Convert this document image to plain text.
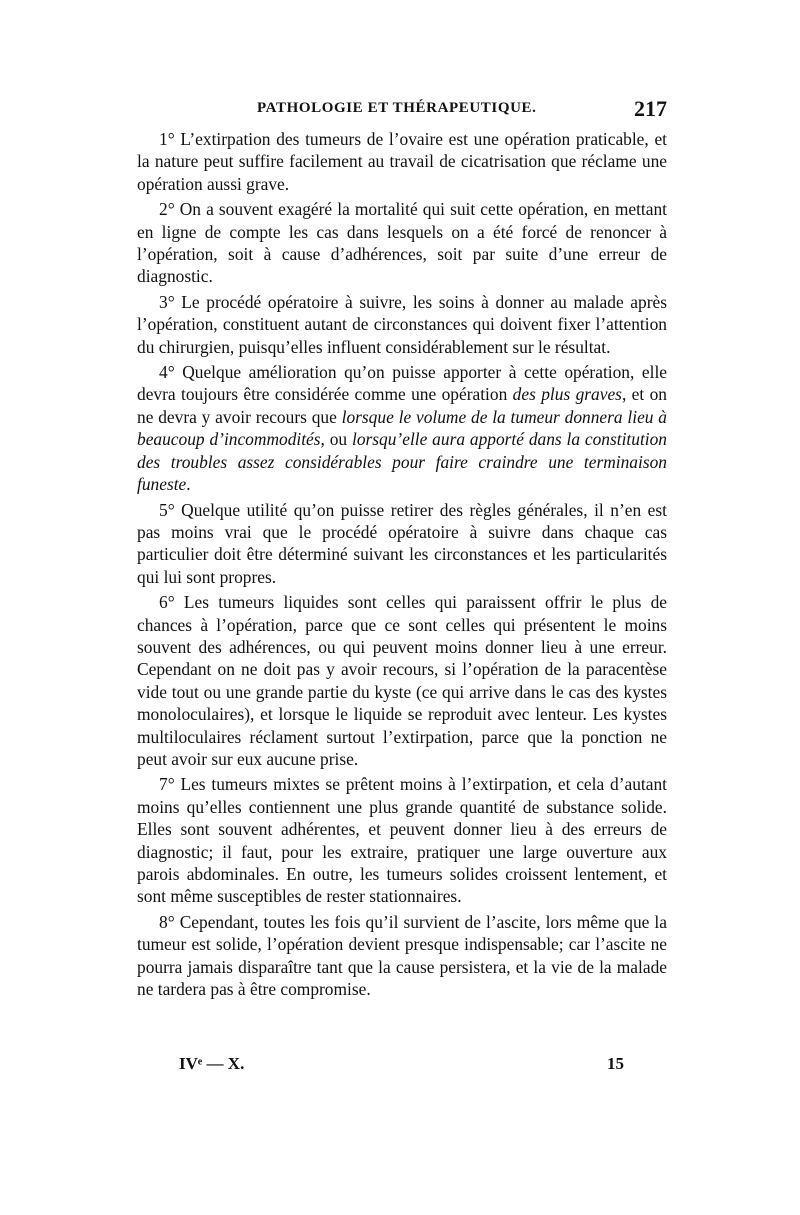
PATHOLOGIE ET THÉRAPEUTIQUE.	217

1° L’extirpation des tumeurs de l’ovaire est une opération praticable, et la nature peut suffire facilement au travail de cicatrisation que réclame une opération aussi grave.

2° On a souvent exagéré la mortalité qui suit cette opération, en mettant en ligne de compte les cas dans lesquels on a été forcé de renoncer à l’opération, soit à cause d’adhérences, soit par suite d’une erreur de diagnostic.

3° Le procédé opératoire à suivre, les soins à donner au malade après l’opération, constituent autant de circonstances qui doivent fixer l’attention du chirurgien, puisqu’elles influent considérablement sur le résultat.

4° Quelque amélioration qu’on puisse apporter à cette opération, elle devra toujours être considérée comme une opération des plus graves, et on ne devra y avoir recours que lorsque le volume de la tumeur donnera lieu à beaucoup d’incommodités, ou lorsqu’elle aura apporté dans la constitution des troubles assez considérables pour faire craindre une terminaison funeste.

5° Quelque utilité qu’on puisse retirer des règles générales, il n’en est pas moins vrai que le procédé opératoire à suivre dans chaque cas particulier doit être déterminé suivant les circonstances et les particularités qui lui sont propres.

6° Les tumeurs liquides sont celles qui paraissent offrir le plus de chances à l’opération, parce que ce sont celles qui présentent le moins souvent des adhérences, ou qui peuvent moins donner lieu à une erreur. Cependant on ne doit pas y avoir recours, si l’opération de la paracentèse vide tout ou une grande partie du kyste (ce qui arrive dans le cas des kystes monoloculaires), et lorsque le liquide se reproduit avec lenteur. Les kystes multiloculaires réclament surtout l’extirpation, parce que la ponction ne peut avoir sur eux aucune prise.

7° Les tumeurs mixtes se prêtent moins à l’extirpation, et cela d’autant moins qu’elles contiennent une plus grande quantité de substance solide. Elles sont souvent adhérentes, et peuvent donner lieu à des erreurs de diagnostic; il faut, pour les extraire, pratiquer une large ouverture aux parois abdominales. En outre, les tumeurs solides croissent lentement, et sont même susceptibles de rester stationnaires.

8° Cependant, toutes les fois qu’il survient de l’ascite, lors même que la tumeur est solide, l’opération devient presque indispensable; car l’ascite ne pourra jamais disparaître tant que la cause persistera, et la vie de la malade ne tardera pas à être compromise.

IVᵉ — X.	15
